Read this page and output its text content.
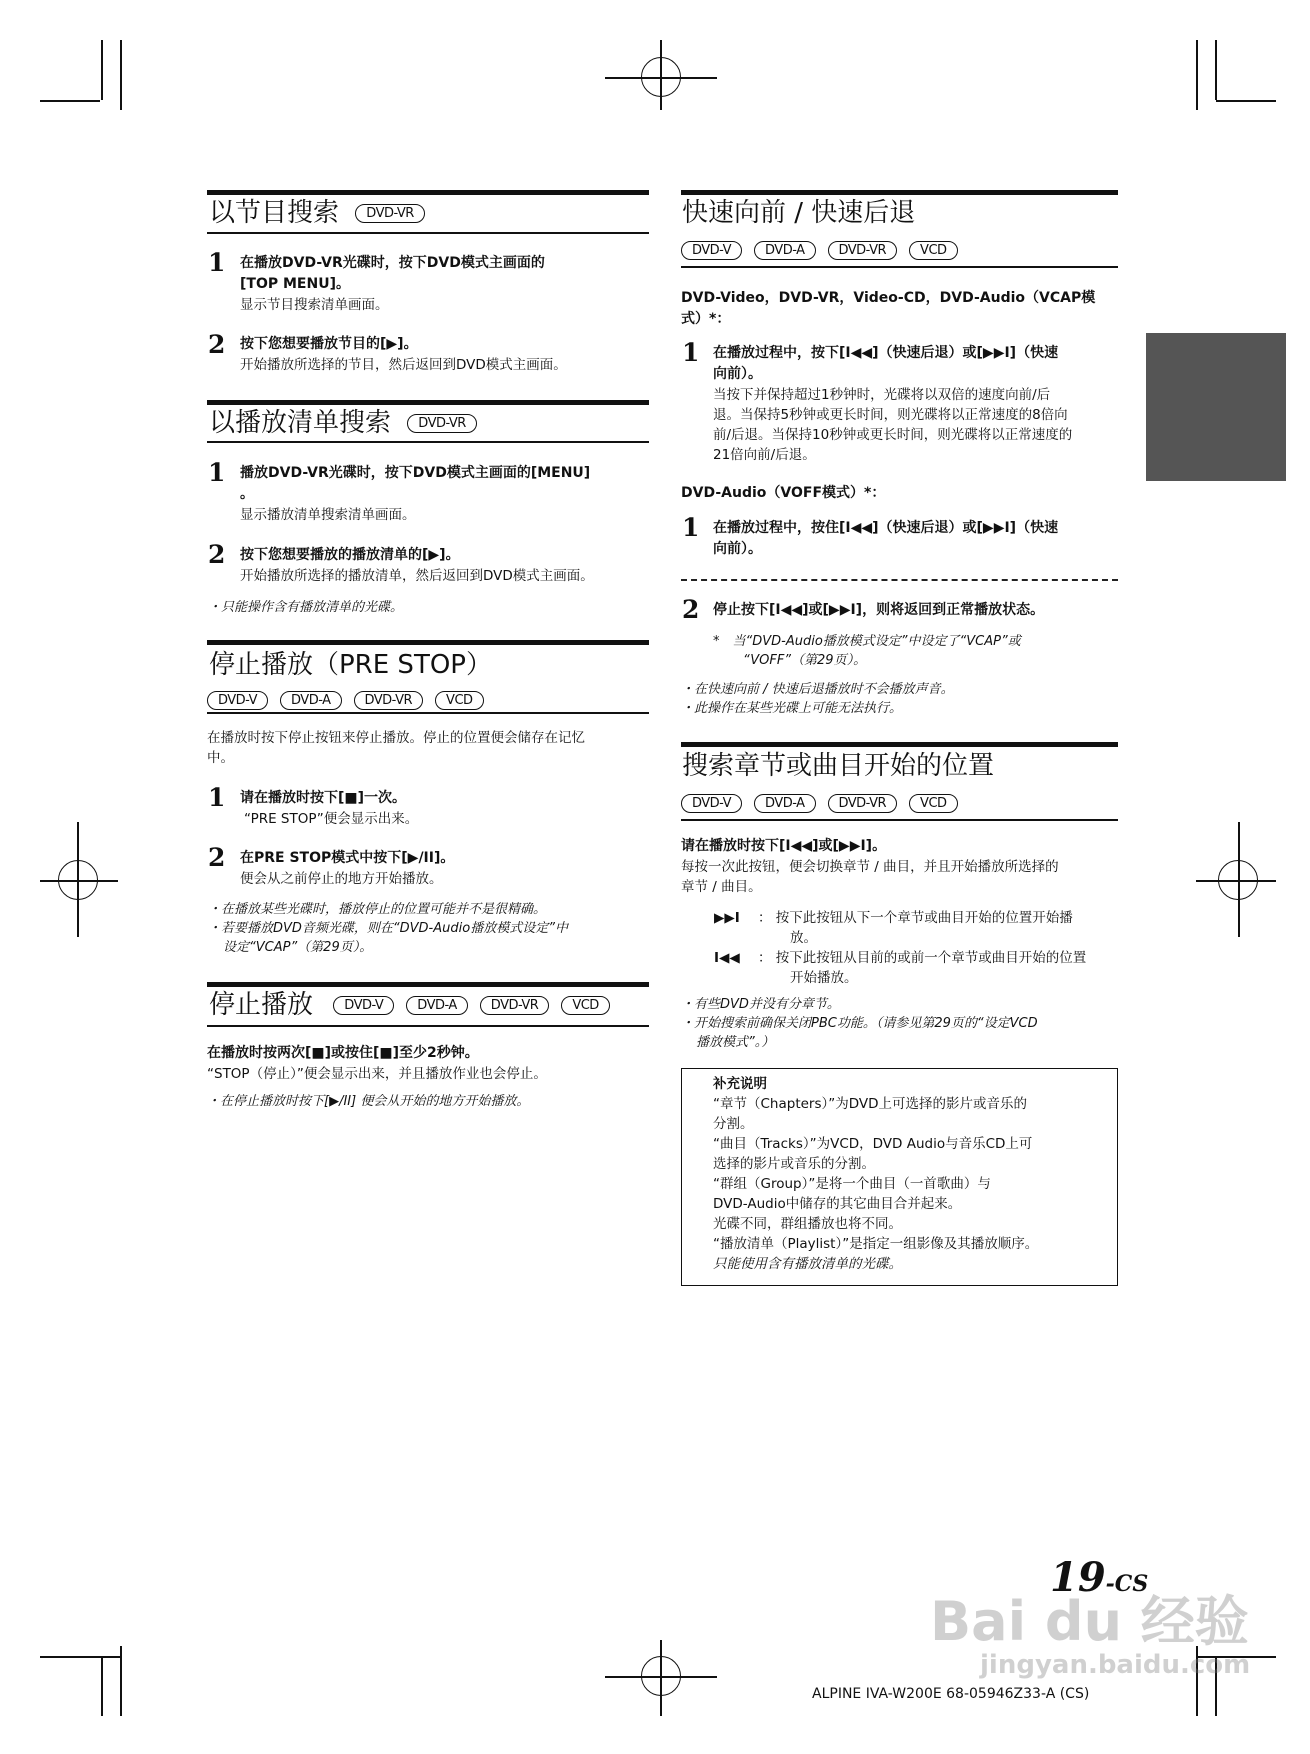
以节目搜索 DVD-VR
1 在播放DVD-VR光碟时，按下DVD模式主画面的
[TOP MENU]。
显示节目搜索清单画面。
2 按下您想要播放节目的[▶]。
开始播放所选择的节目，然后返回到DVD模式主画面。
以播放清单搜索 DVD-VR
1 播放DVD-VR光碟时，按下DVD模式主画面的[MENU]
。
显示播放清单搜索清单画面。
2 按下您想要播放的播放清单的[▶]。
开始播放所选择的播放清单，然后返回到DVD模式主画面。
・只能操作含有播放清单的光碟。
停止播放（PRE STOP）
DVD-V	DVD-A	DVD-VR	VCD
在播放时按下停止按钮来停止播放。停止的位置便会储存在记忆
中。
1 请在播放时按下[■]一次。
“PRE STOP”便会显示出来。
2 在PRE STOP模式中按下[▶/II]。
便会从之前停止的地方开始播放。
・在播放某些光碟时，播放停止的位置可能并不是很精确。
・若要播放DVD音频光碟，则在“DVD-Audio播放模式设定”中
设定“VCAP”（第29页）。
停止播放 DVD-V	DVD-A	DVD-VR	VCD
在播放时按两次[■]或按住[■]至少2秒钟。
“STOP（停止）”便会显示出来，并且播放作业也会停止。
・在停止播放时按下[▶/II] 便会从开始的地方开始播放。
快速向前 / 快速后退
DVD-V	DVD-A	DVD-VR	VCD
DVD-Video，DVD-VR，Video-CD，DVD-Audio（VCAP模
式）*：
1 在播放过程中，按下[I◀◀]（快速后退）或[▶▶I]（快速
向前）。
当按下并保持超过1秒钟时，光碟将以双倍的速度向前/后
退。当保持5秒钟或更长时间，则光碟将以正常速度的8倍向
前/后退。当保持10秒钟或更长时间，则光碟将以正常速度的
21倍向前/后退。
DVD-Audio（VOFF模式）*：
1 在播放过程中，按住[I◀◀]（快速后退）或[▶▶I]（快速
向前）。
2 停止按下[I◀◀]或[▶▶I]，则将返回到正常播放状态。
*　当“DVD-Audio播放模式设定”中设定了“VCAP”或
“VOFF”（第29页）。
・在快速向前 / 快速后退播放时不会播放声音。
・此操作在某些光碟上可能无法执行。
搜索章节或曲目开始的位置
DVD-V	DVD-A	DVD-VR	VCD
请在播放时按下[I◀◀]或[▶▶I]。
每按一次此按钮，便会切换章节 / 曲目，并且开始播放所选择的
章节 / 曲目。
▶▶I ： 按下此按钮从下一个章节或曲目开始的位置开始播
放。
I◀◀ ： 按下此按钮从目前的或前一个章节或曲目开始的位置
开始播放。
・有些DVD并没有分章节。
・开始搜索前确保关闭PBC功能。（请参见第29页的“设定VCD
播放模式”。）
补充说明
“章节（Chapters）”为DVD上可选择的影片或音乐的
分割。
“曲目（Tracks）”为VCD，DVD Audio与音乐CD上可
选择的影片或音乐的分割。
“群组（Group）”是将一个曲目（一首歌曲）与
DVD-Audio中储存的其它曲目合并起来。
光碟不同，群组播放也将不同。
“播放清单（Playlist）”是指定一组影像及其播放顺序。
只能使用含有播放清单的光碟。
19-CS
Bai du 经验
jingyan.baidu.com
ALPINE IVA-W200E 68-05946Z33-A (CS)
